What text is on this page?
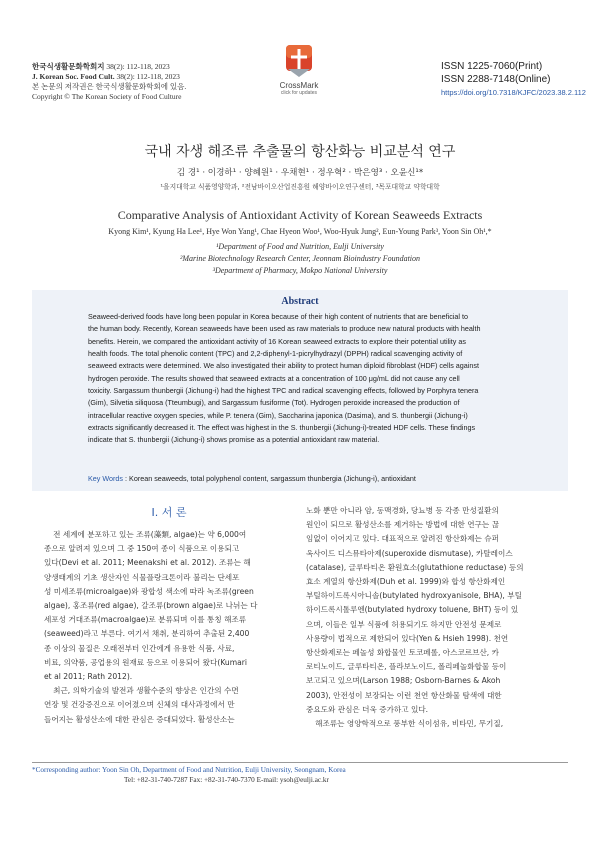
한국식생활문화학회지 38(2): 112-118, 2023
J. Korean Soc. Food Cult. 38(2): 112-118, 2023
본 논문의 저작권은 한국식생활문화학회에 있음.
Copyright © The Korean Society of Food Culture
CrossMark
click for updates
ISSN 1225-7060(Print)
ISSN 2288-7148(Online)
https://doi.org/10.7318/KJFC/2023.38.2.112
국내 자생 해조류 추출물의 항산화능 비교분석 연구
김 경¹ · 이경하¹ · 양혜원¹ · 우채현¹ · 정우혁² · 박은영³ · 오윤신¹*
¹을지대학교 식품영양학과, ²전남바이오산업진흥원 해양바이오연구센터, ³목포대학교 약학대학
Comparative Analysis of Antioxidant Activity of Korean Seaweeds Extracts
Kyong Kim¹, Kyung Ha Lee¹, Hye Won Yang¹, Chae Hyeon Woo¹, Woo-Hyuk Jung², Eun-Young Park³, Yoon Sin Oh¹,*
¹Department of Food and Nutrition, Eulji University
²Marine Biotechnology Research Center, Jeonnam Bioindustry Foundation
³Department of Pharmacy, Mokpo National University
Abstract
Seaweed-derived foods have long been popular in Korea because of their high content of nutrients that are beneficial to
the human body. Recently, Korean seaweeds have been used as raw materials to produce new natural products with health
benefits. Herein, we compared the antioxidant activity of 16 Korean seaweed extracts to explore their potential utility as
health foods. The total phenolic content (TPC) and 2,2-diphenyl-1-picrylhydrazyl (DPPH) radical scavenging activity of
seaweed extracts were determined. We also investigated their ability to protect human diploid fibroblast (HDF) cells against
hydrogen peroxide. The results showed that seaweed extracts at a concentration of 100 μg/mL did not cause any cell
toxicity. Sargassum thunbergii (Jichung-i) had the highest TPC and radical scavenging effects, followed by Porphyra tenera
(Gim), Silvetia siliquosa (Tteumbugi), and Sargassum fusiforme (Tot). Hydrogen peroxide increased the production of
intracellular reactive oxygen species, while P. tenera (Gim), Saccharina japonica (Dasima), and S. thunbergii (Jichung-i)
extracts significantly decreased it. The effect was highest in the S. thunbergii (Jichung-i)-treated HDF cells. These findings
indicate that S. thunbergii (Jichung-i) shows promise as a potential antioxidant raw material.
Key Words : Korean seaweeds, total polyphenol content, sargassum thunbergia (Jichung-i), antioxidant
I. 서 론
전 세계에 분포하고 있는 조류(藻類, algae)는 약 6,000여
종으로 알려져 있으며 그 중 150여 종이 식품으로 이용되고
있다(Devi et al. 2011; Meenakshi et al. 2012). 조류는 해
양생태계의 기초 생산자인 식물플랑크톤이라 불리는 단세포
성 미세조류(microalgae)와 광합성 색소에 따라 녹조류(green
algae), 홍조류(red algae), 갈조류(brown algae)로 나뉘는 다
세포성 거대조류(macroalgae)로 분류되며 이를 통칭 해조류
(seaweed)라고 부른다. 여기서 채취, 분리하여 추출된 2,400
종 이상의 물질은 오래전부터 인간에게 유용한 식품, 사료,
비료, 의약품, 공업용의 원재료 등으로 이용되어 왔다(Kumari
et al 2011; Rath 2012).
최근, 의학기술의 발전과 생활수준의 향상은 인간의 수면
연장 및 건강증진으로 이어졌으며 신체의 대사과정에서 만
들어지는 활성산소에 대한 관심은 증대되었다. 활성산소는
노화 뿐만 아니라 암, 동맥경화, 당뇨병 등 각종 만성질환의
원인이 되므로 활성산소를 제거하는 방법에 대한 연구는 끊
임없이 이어지고 있다. 대표적으로 알려진 항산화제는 슈퍼
옥사이드 디스뮤타아제(superoxide dismutase), 카탈레이스
(catalase), 글루타티온 환원효소(glutathione reductase) 등의
효소 계열의 항산화제(Duh et al. 1999)와 합성 항산화제인
부틸하이드록시아니솔(butylated hydroxyanisole, BHA), 부틸
하이드록시톨루엔(butylated hydroxy toluene, BHT) 등이 있
으며, 이들은 일부 식품에 허용되기도 하지만 안전성 문제로
사용량이 법적으로 제한되어 있다(Yen & Hsieh 1998). 천연
항산화제로는 페놀성 화합물인 토코페롤, 아스코르브산, 카
로티노이드, 글루타티온, 플라보노이드, 폴리페놀화합물 등이
보고되고 있으며(Larson 1988; Osborn-Barnes & Akoh
2003), 안전성이 보장되는 이런 천연 항산화물 탐색에 대한
중요도와 관심은 더욱 증가하고 있다.
해조류는 영양학적으로 풍부한 식이섬유, 비타민, 무기질,
*Corresponding author: Yoon Sin Oh, Department of Food and Nutrition, Eulji University, Seongnam, Korea
Tel: +82-31-740-7287 Fax: +82-31-740-7370 E-mail: ysoh@eulji.ac.kr
